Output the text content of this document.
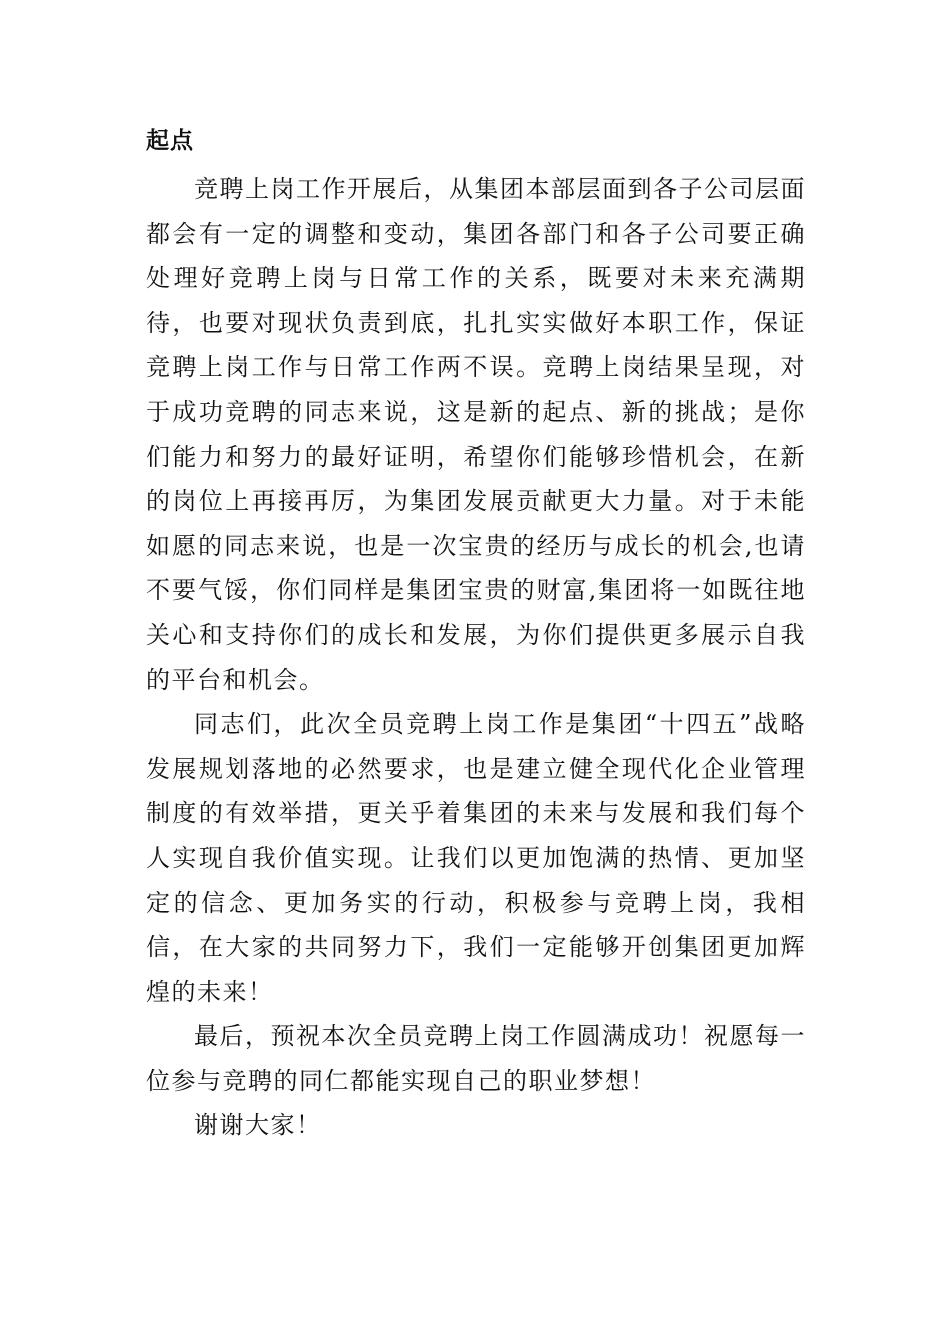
起点

竞聘上岗工作开展后，从集团本部层面到各子公司层面都会有一定的调整和变动，集团各部门和各子公司要正确处理好竞聘上岗与日常工作的关系，既要对未来充满期待，也要对现状负责到底，扎扎实实做好本职工作，保证竞聘上岗工作与日常工作两不误。竞聘上岗结果呈现，对于成功竞聘的同志来说，这是新的起点、新的挑战；是你们能力和努力的最好证明，希望你们能够珍惜机会，在新的岗位上再接再厉，为集团发展贡献更大力量。对于未能如愿的同志来说，也是一次宝贵的经历与成长的机会,也请不要气馁，你们同样是集团宝贵的财富,集团将一如既往地关心和支持你们的成长和发展，为你们提供更多展示自我的平台和机会。

同志们，此次全员竞聘上岗工作是集团“十四五”战略发展规划落地的必然要求，也是建立健全现代化企业管理制度的有效举措，更关乎着集团的未来与发展和我们每个人实现自我价值实现。让我们以更加饱满的热情、更加坚定的信念、更加务实的行动，积极参与竞聘上岗，我相信，在大家的共同努力下，我们一定能够开创集团更加辉煌的未来！

最后，预祝本次全员竞聘上岗工作圆满成功！祝愿每一位参与竞聘的同仁都能实现自己的职业梦想！

谢谢大家！
